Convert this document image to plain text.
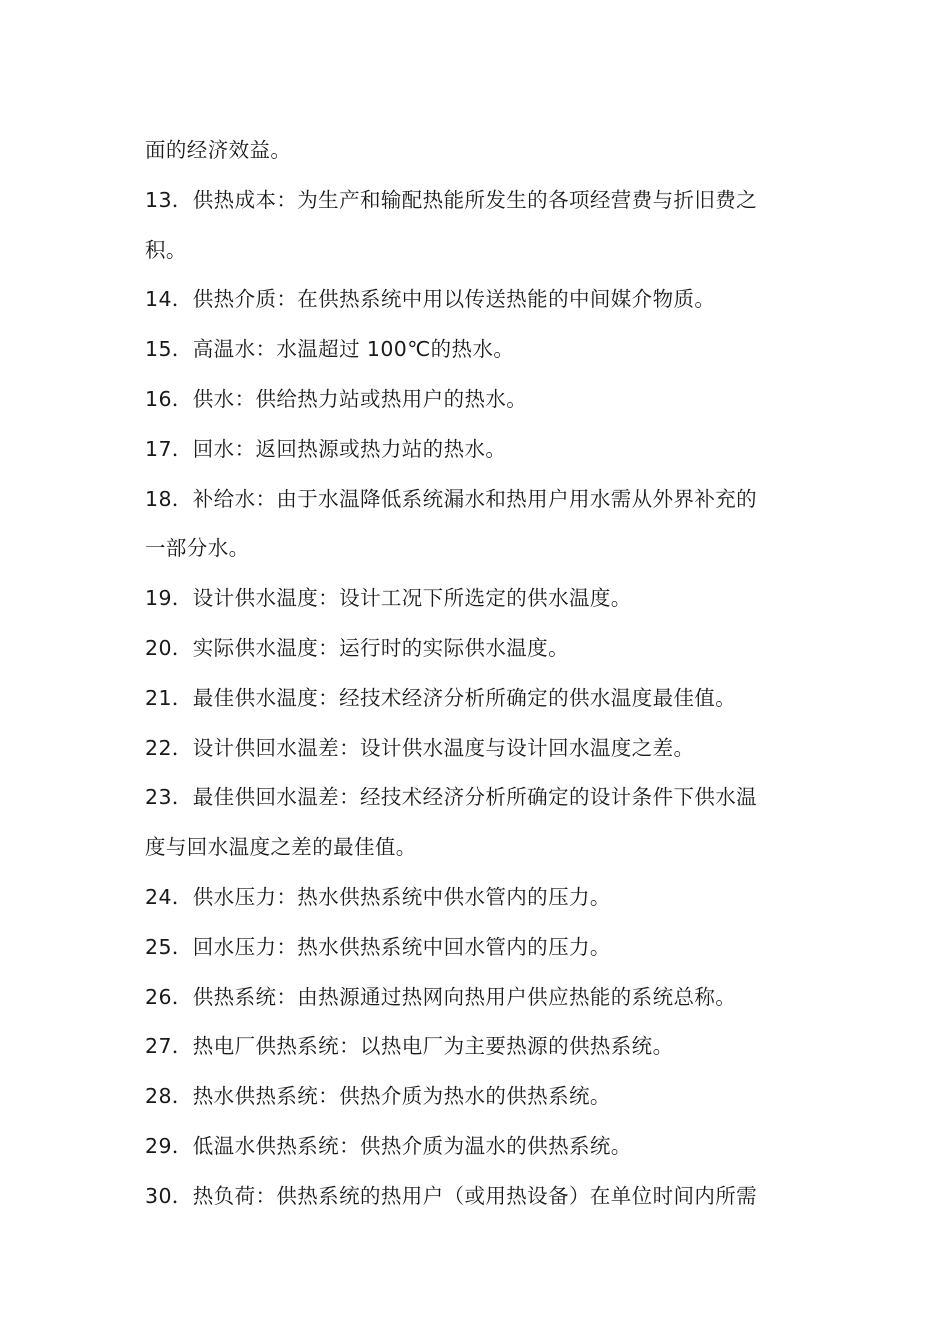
面的经济效益。
13．供热成本：为生产和输配热能所发生的各项经营费与折旧费之
积。
14．供热介质：在供热系统中用以传送热能的中间媒介物质。
15．高温水：水温超过 100℃的热水。
16．供水：供给热力站或热用户的热水。
17．回水：返回热源或热力站的热水。
18．补给水：由于水温降低系统漏水和热用户用水需从外界补充的
一部分水。
19．设计供水温度：设计工况下所选定的供水温度。
20．实际供水温度：运行时的实际供水温度。
21．最佳供水温度：经技术经济分析所确定的供水温度最佳值。
22．设计供回水温差：设计供水温度与设计回水温度之差。
23．最佳供回水温差：经技术经济分析所确定的设计条件下供水温
度与回水温度之差的最佳值。
24．供水压力：热水供热系统中供水管内的压力。
25．回水压力：热水供热系统中回水管内的压力。
26．供热系统：由热源通过热网向热用户供应热能的系统总称。
27．热电厂供热系统：以热电厂为主要热源的供热系统。
28．热水供热系统：供热介质为热水的供热系统。
29．低温水供热系统：供热介质为温水的供热系统。
30．热负荷：供热系统的热用户（或用热设备）在单位时间内所需
